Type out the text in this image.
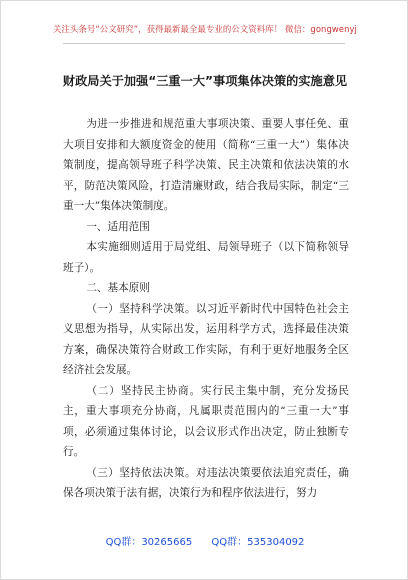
关注头条号“公文研究”，获得最新最全最专业的公文资料库！ 微信：gongwenyj
财政局关于加强“三重一大”事项集体决策的实施意见

为进一步推进和规范重大事项决策、重要人事任免、重大项目安排和大额度资金的使用（简称“三重一大”）集体决策制度，提高领导班子科学决策、民主决策和依法决策的水平，防范决策风险，打造清廉财政，结合我局实际，制定“三重一大”集体决策制度。

一、适用范围

本实施细则适用于局党组、局领导班子（以下简称领导班子）。

二、基本原则

（一）坚持科学决策。以习近平新时代中国特色社会主义思想为指导，从实际出发，运用科学方式，选择最佳决策方案，确保决策符合财政工作实际，有利于更好地服务全区经济社会发展。

（二）坚持民主协商。实行民主集中制，充分发扬民主，重大事项充分协商，凡属职责范围内的“三重一大”事项，必须通过集体讨论，以会议形式作出决定，防止独断专行。

（三）坚持依法决策。对违法决策要依法追究责任，确保各项决策于法有据，决策行为和程序依法进行，努力

QQ群：30265665 QQ群：535304092
